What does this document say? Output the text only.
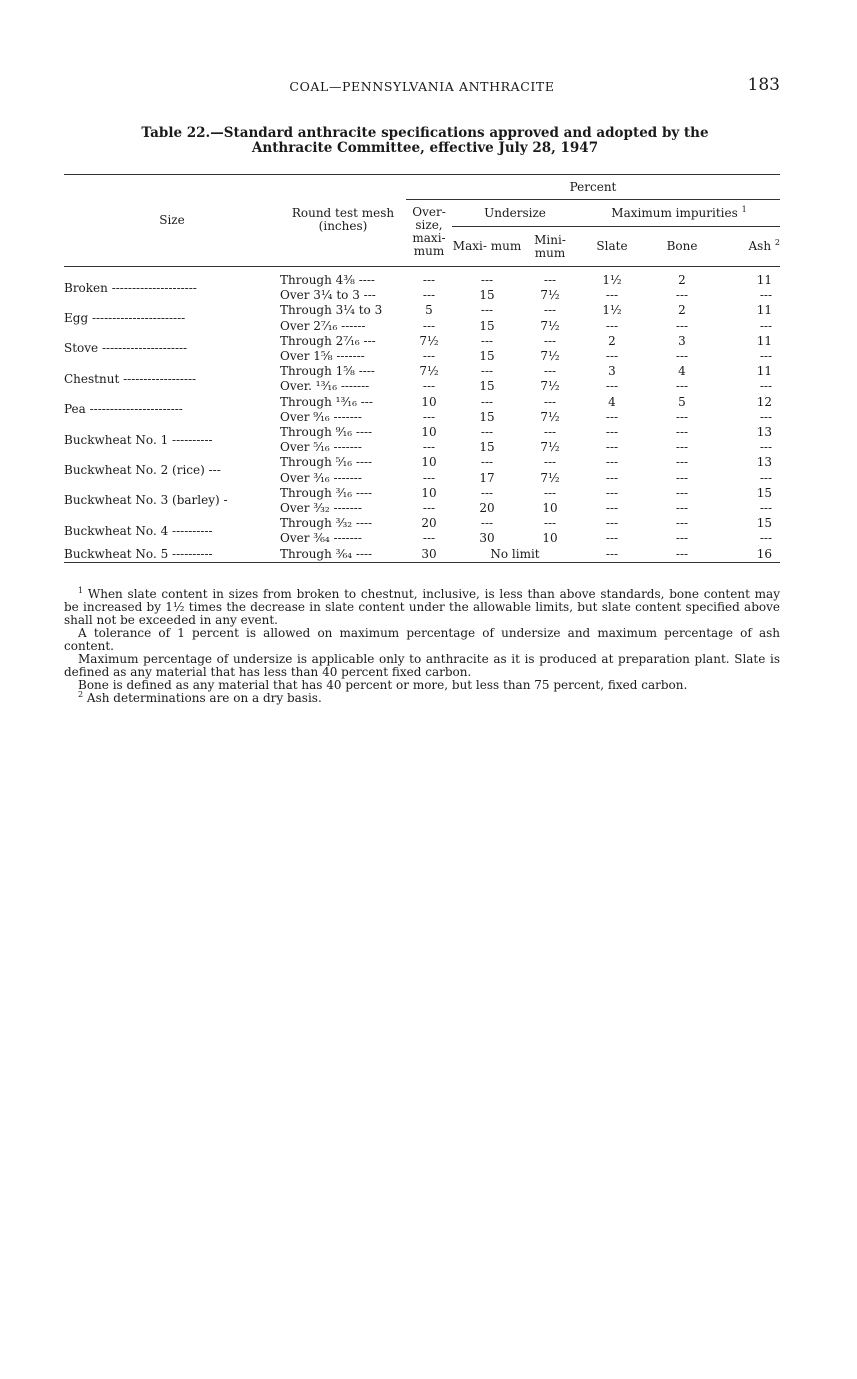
COAL—PENNSYLVANIA ANTHRACITE	183
Table 22.—Standard anthracite specifications approved and adopted by the
Anthracite Committee, effective July 28, 1947
Size	Round test mesh (inches)	Percent					
		Over- size, maxi- mum	Undersize		Maximum impurities $^1$
			Maxi- mum	Mini- mum	Slate	Bone	Ash $^2$
Broken ---------------------	Through 4⅜ ----	---	---	---	1½	2	11
	Over 3¼ to 3 ---	---	15	7½	---	---	---
Egg -----------------------	Through 3¼ to 3	5	---	---	1½	2	11
	Over 2⁷⁄₁₆ ------	---	15	7½	---	---	---
Stove ---------------------	Through 2⁷⁄₁₆ ---	7½	---	---	2	3	11
	Over 1⅝ -------	---	15	7½	---	---	---
Chestnut ------------------	Through 1⅝ ----	7½	---	---	3	4	11
	Over. ¹³⁄₁₆ -------	---	15	7½	---	---	---
Pea -----------------------	Through ¹³⁄₁₆ ---	10	---	---	4	5	12
	Over ⁹⁄₁₆ -------	---	15	7½	---	---	---
Buckwheat No. 1 ----------	Through ⁹⁄₁₆ ----	10	---	---	---	---	13
	Over ⁵⁄₁₆ -------	---	15	7½	---	---	---
Buckwheat No. 2 (rice) ---	Through ⁵⁄₁₆ ----	10	---	---	---	---	13
	Over ³⁄₁₆ -------	---	17	7½	---	---	---
Buckwheat No. 3 (barley) -	Through ³⁄₁₆ ----	10	---	---	---	---	15
	Over ³⁄₃₂ -------	---	20	10	---	---	---
Buckwheat No. 4 ----------	Through ³⁄₃₂ ----	20	---	---	---	---	15
	Over ³⁄₆₄ -------	---	30	10	---	---	---
Buckwheat No. 5 ----------	Through ³⁄₆₄ ----	30	No limit		---	---	16

$^1$ When slate content in sizes from broken to chestnut, inclusive, is less than above standards, bone content may be increased by 1½ times the decrease in slate content under the allowable limits, but slate content specified above shall not be exceeded in any event.

A tolerance of 1 percent is allowed on maximum percentage of undersize and maximum percentage of ash content.

Maximum percentage of undersize is applicable only to anthracite as it is produced at preparation plant. Slate is defined as any material that has less than 40 percent fixed carbon.

Bone is defined as any material that has 40 percent or more, but less than 75 percent, fixed carbon.

$^2$ Ash determinations are on a dry basis.
